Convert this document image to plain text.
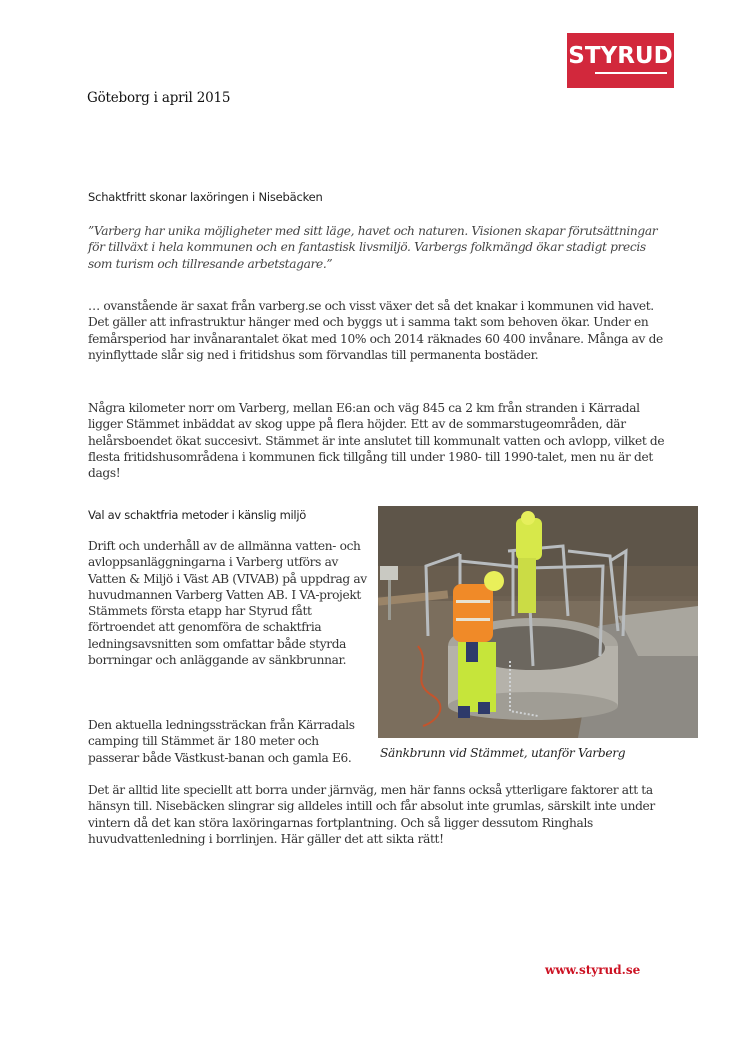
STYRUD
Göteborg i april 2015
Schaktfritt skonar laxöringen i Nisebäcken
”Varberg har unika möjligheter med sitt läge, havet och naturen. Visionen skapar förutsättningar för tillväxt i hela kommunen och en fantastisk livsmiljö. Varbergs folkmängd ökar stadigt precis som turism och tillresande arbetstagare.”
… ovanstående är saxat från varberg.se och visst växer det så det knakar i kommunen vid havet. Det gäller att infrastruktur hänger med och byggs ut i samma takt som behoven ökar. Under en femårsperiod har invånarantalet ökat med 10% och 2014 räknades 60 400 invånare. Många av de nyinflyttade slår sig ned i fritidshus som förvandlas till permanenta bostäder.
Några kilometer norr om Varberg, mellan E6:an och väg 845 ca 2 km från stranden i Kärradal ligger Stämmet inbäddat av skog uppe på flera höjder. Ett av de sommarstugeområden, där helårsboendet ökat succesivt. Stämmet är inte anslutet till kommunalt vatten och avlopp, vilket de flesta fritidshusområdena i kommunen fick tillgång till under 1980- till 1990-talet, men nu är det dags!
Val av schaktfria metoder i känslig miljö
Drift och underhåll av de allmänna vatten- och avloppsanläggningarna i Varberg utförs av Vatten & Miljö i Väst AB (VIVAB) på uppdrag av huvudmannen Varberg Vatten AB. I VA-projekt Stämmets första etapp har Styrud fått förtroendet att genomföra de schaktfria ledningsavsnitten som omfattar både styrda borrningar och anläggande av sänkbrunnar.
Den aktuella ledningssträckan från Kärradals camping till Stämmet är 180 meter och passerar både Västkust-banan och gamla E6.	Sänkbrunn vid Stämmet, utanför Varberg
Det är alltid lite speciellt att borra under järnväg, men här fanns också ytterligare faktorer att ta hänsyn till. Nisebäcken slingrar sig alldeles intill och får absolut inte grumlas, särskilt inte under vintern då det kan störa laxöringarnas fortplantning. Och så ligger dessutom Ringhals huvudvattenledning i borrlinjen. Här gäller det att sikta rätt!
www.styrud.se
